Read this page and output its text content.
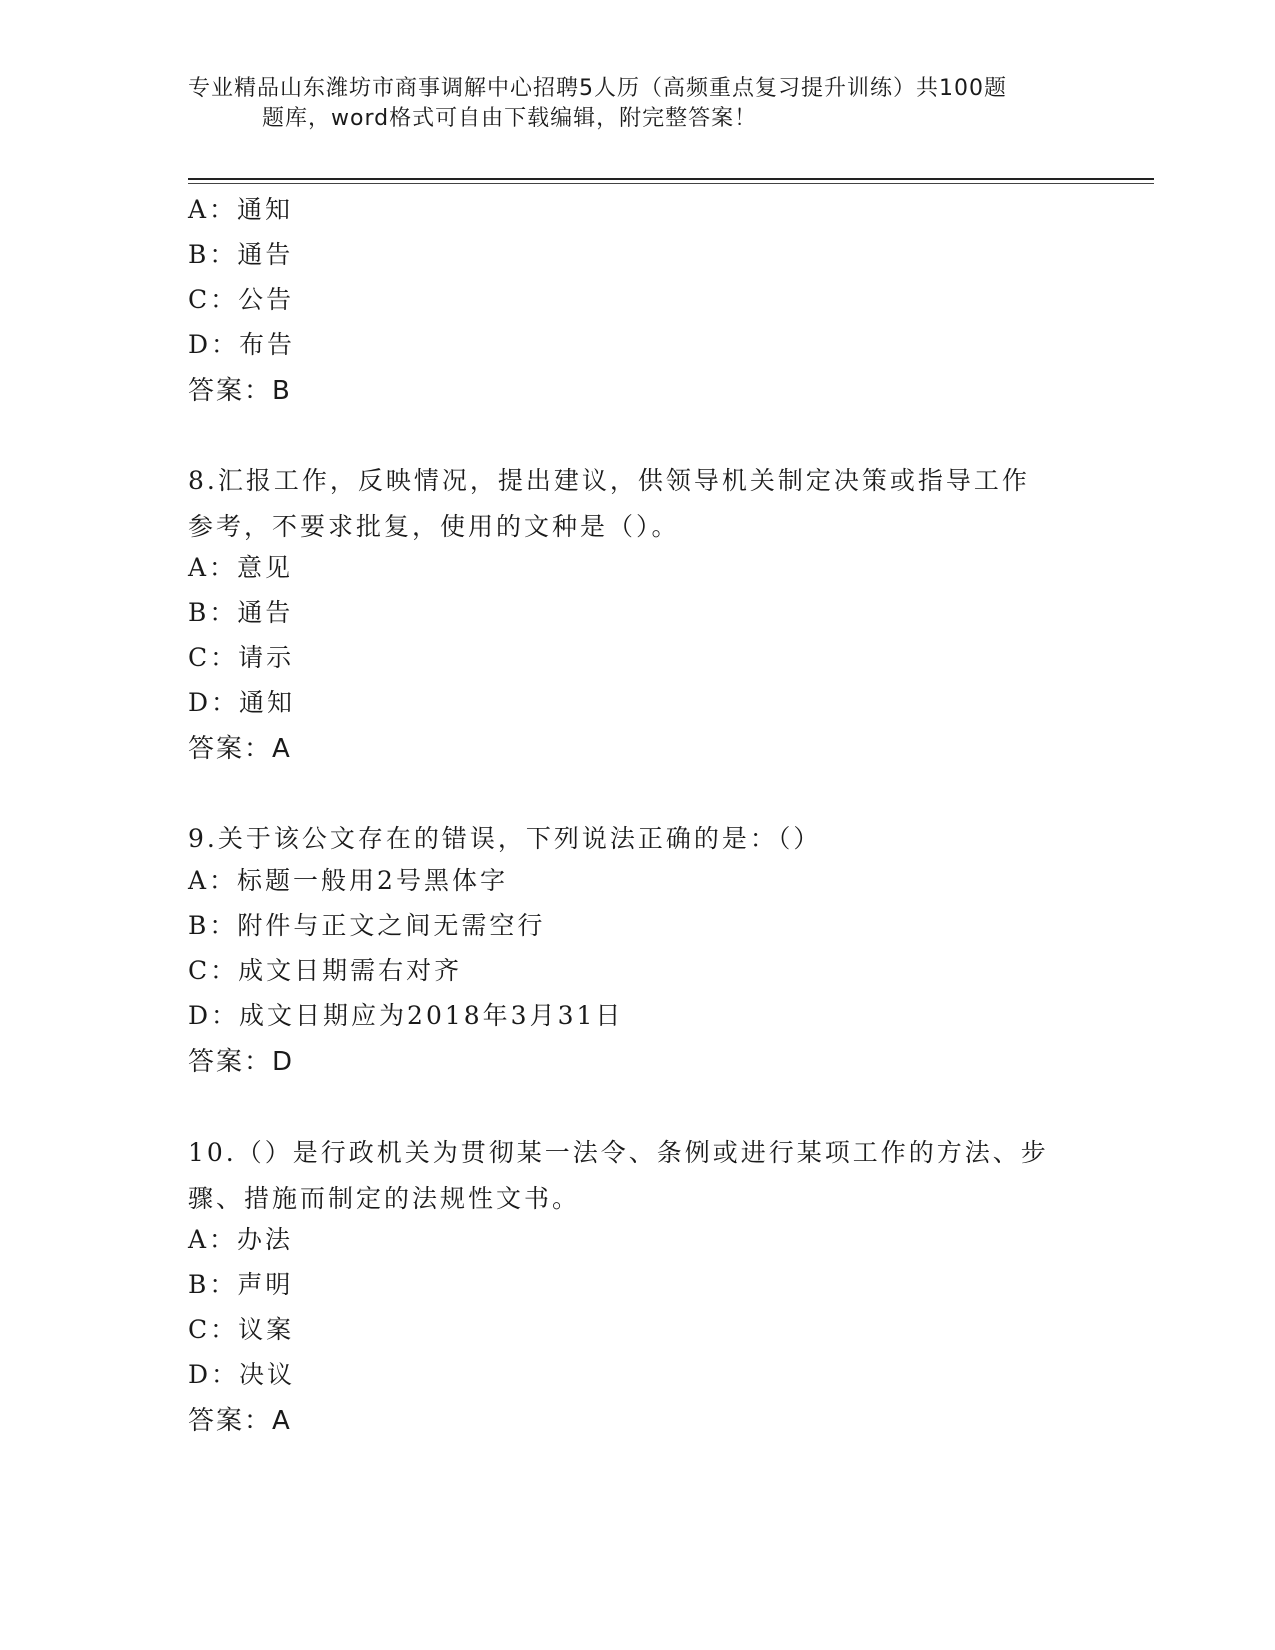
专业精品山东潍坊市商事调解中心招聘5人历（高频重点复习提升训练）共100题
题库，word格式可自由下载编辑，附完整答案！
A：通知
B：通告
C：公告
D：布告
答案：B
8.汇报工作，反映情况，提出建议，供领导机关制定决策或指导工作
参考，不要求批复，使用的文种是（）。
A：意见
B：通告
C：请示
D：通知
答案：A
9.关于该公文存在的错误，下列说法正确的是：（）
A：标题一般用2号黑体字
B：附件与正文之间无需空行
C：成文日期需右对齐
D：成文日期应为2018年3月31日
答案：D
10.（）是行政机关为贯彻某一法令、条例或进行某项工作的方法、步
骤、措施而制定的法规性文书。
A：办法
B：声明
C：议案
D：决议
答案：A
